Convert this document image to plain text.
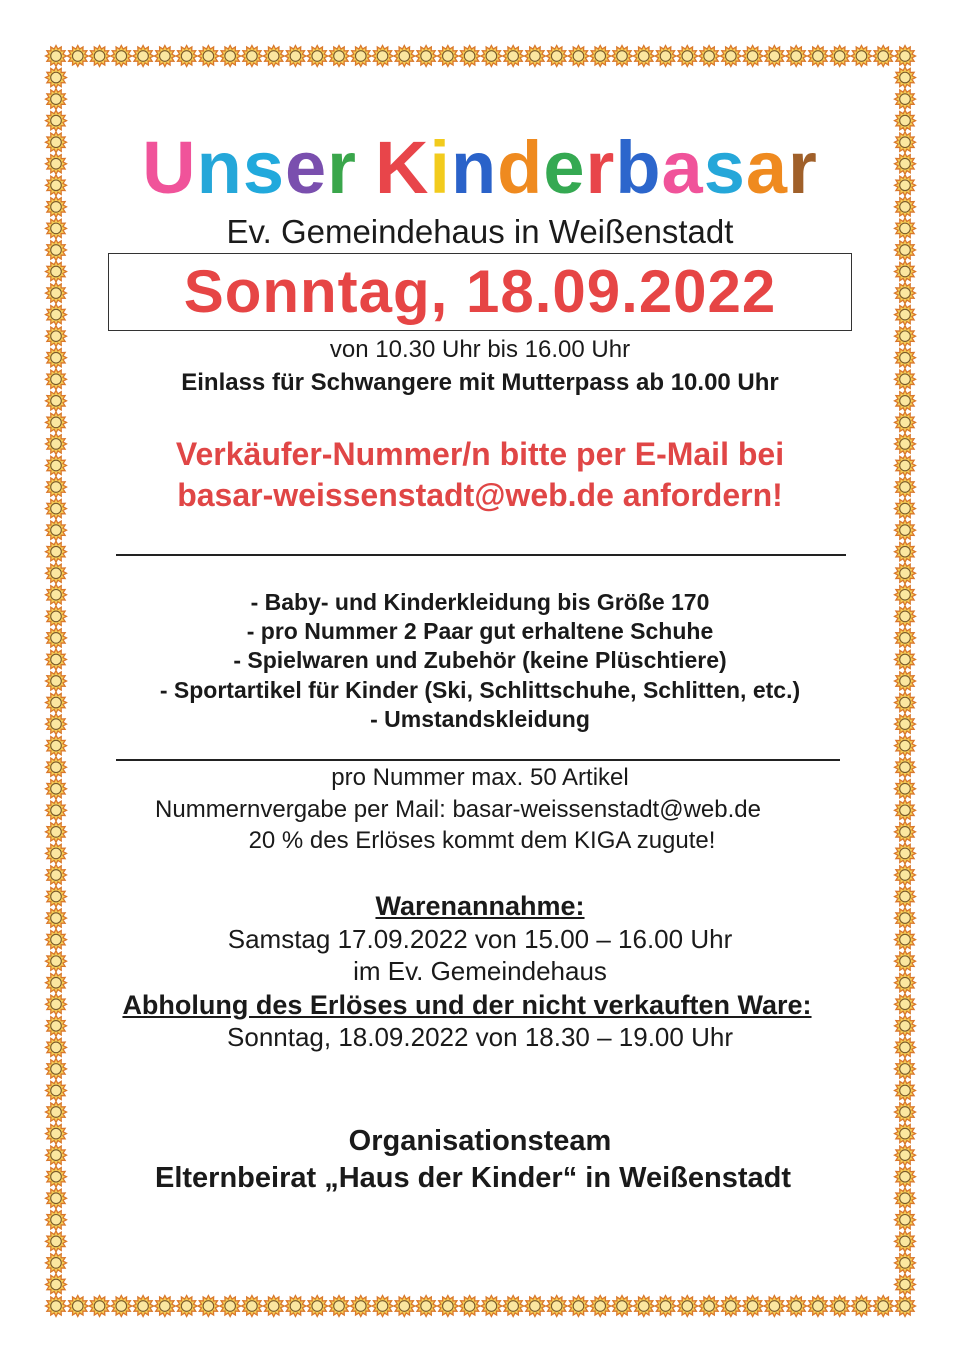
Unser Kinderbasar
Ev. Gemeindehaus in Weißenstadt
Sonntag, 18.09.2022
von 10.30 Uhr bis 16.00 Uhr
Einlass für Schwangere mit Mutterpass ab 10.00 Uhr
Verkäufer-Nummer/n bitte per E-Mail bei
basar-weissenstadt@web.de anfordern!
- Baby- und Kinderkleidung bis Größe 170
- pro Nummer 2 Paar gut erhaltene Schuhe
- Spielwaren und Zubehör (keine Plüschtiere)
- Sportartikel für Kinder (Ski, Schlittschuhe, Schlitten, etc.)
- Umstandskleidung
pro Nummer max. 50 Artikel
Nummernvergabe per Mail: basar-weissenstadt@web.de
20 % des Erlöses kommt dem KIGA zugute!
Warenannahme:
Samstag 17.09.2022 von 15.00 – 16.00 Uhr
im Ev. Gemeindehaus
Abholung des Erlöses und der nicht verkauften Ware:
Sonntag, 18.09.2022 von 18.30 – 19.00 Uhr
Organisationsteam
Elternbeirat „Haus der Kinder“ in Weißenstadt
